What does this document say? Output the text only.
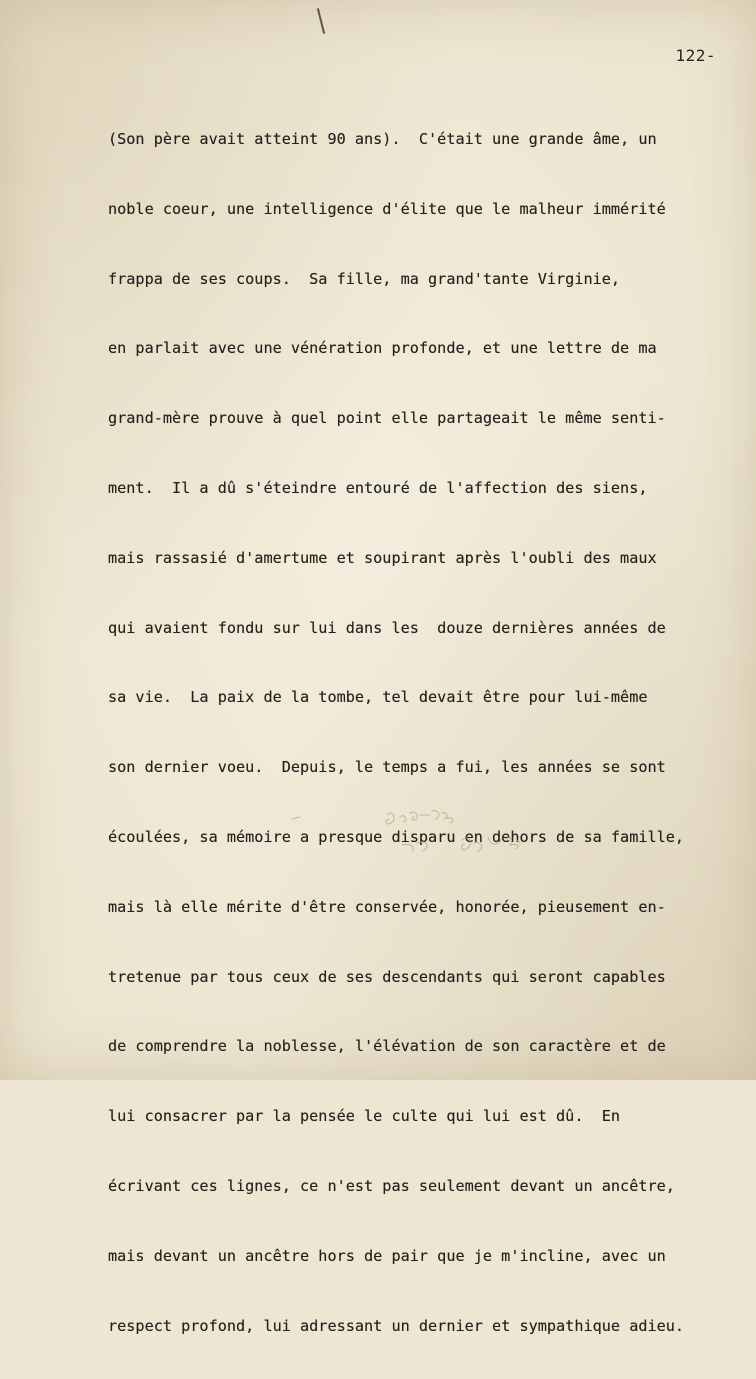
122-

(Son père avait atteint 90 ans).  C'était une grande âme, un

noble coeur, une intelligence d'élite que le malheur immérité

frappa de ses coups.  Sa fille, ma grand'tante Virginie,

en parlait avec une vénération profonde, et une lettre de ma

grand-mère prouve à quel point elle partageait le même senti-

ment.  Il a dû s'éteindre entouré de l'affection des siens,

mais rassasié d'amertume et soupirant après l'oubli des maux

qui avaient fondu sur lui dans les  douze dernières années de

sa vie.  La paix de la tombe, tel devait être pour lui-même

son dernier voeu.  Depuis, le temps a fui, les années se sont

écoulées, sa mémoire a presque disparu en dehors de sa famille,

mais là elle mérite d'être conservée, honorée, pieusement en-

tretenue par tous ceux de ses descendants qui seront capables

de comprendre la noblesse, l'élévation de son caractère et de

lui consacrer par la pensée le culte qui lui est dû.  En

écrivant ces lignes, ce n'est pas seulement devant un ancêtre,

mais devant un ancêtre hors de pair que je m'incline, avec un

respect profond, lui adressant un dernier et sympathique adieu.
